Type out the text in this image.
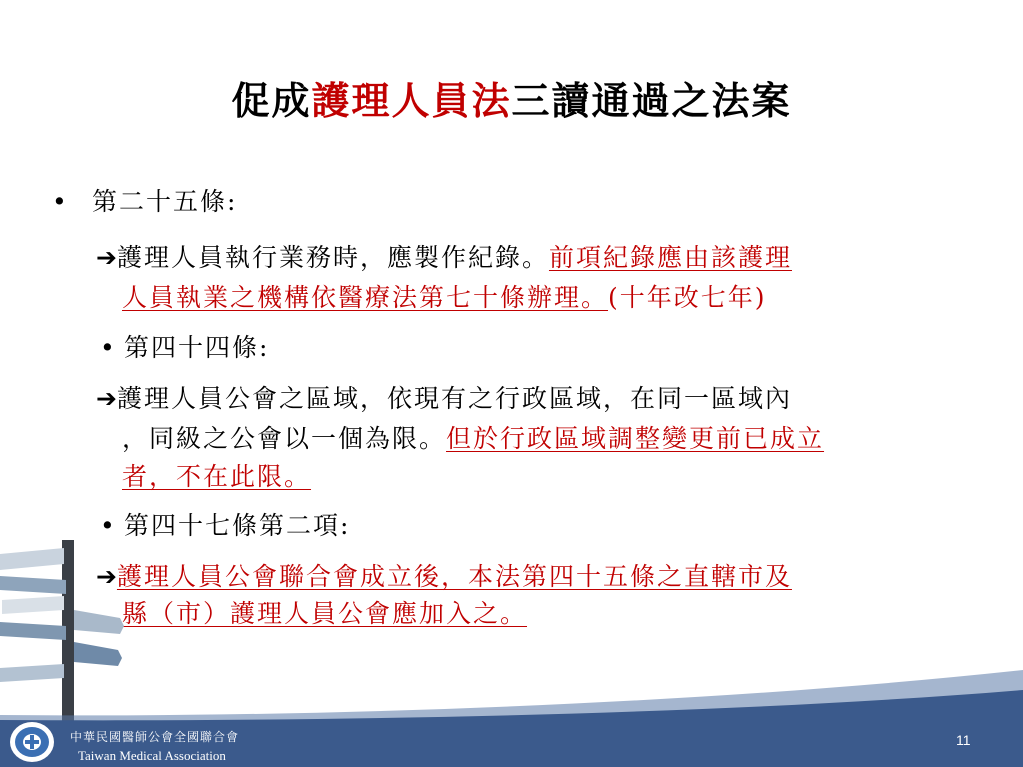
促成護理人員法三讀通過之法案
• 第二十五條:
➔護理人員執行業務時，應製作紀錄。前項紀錄應由該護理
人員執業之機構依醫療法第七十條辦理。(十年改七年)
• 第四十四條:
➔護理人員公會之區域，依現有之行政區域，在同一區域內
，同級之公會以一個為限。但於行政區域調整變更前已成立
者，不在此限。
• 第四十七條第二項:
➔護理人員公會聯合會成立後，本法第四十五條之直轄市及
縣（市）護理人員公會應加入之。
中華民國醫師公會全國聯合會
Taiwan Medical Association
11
